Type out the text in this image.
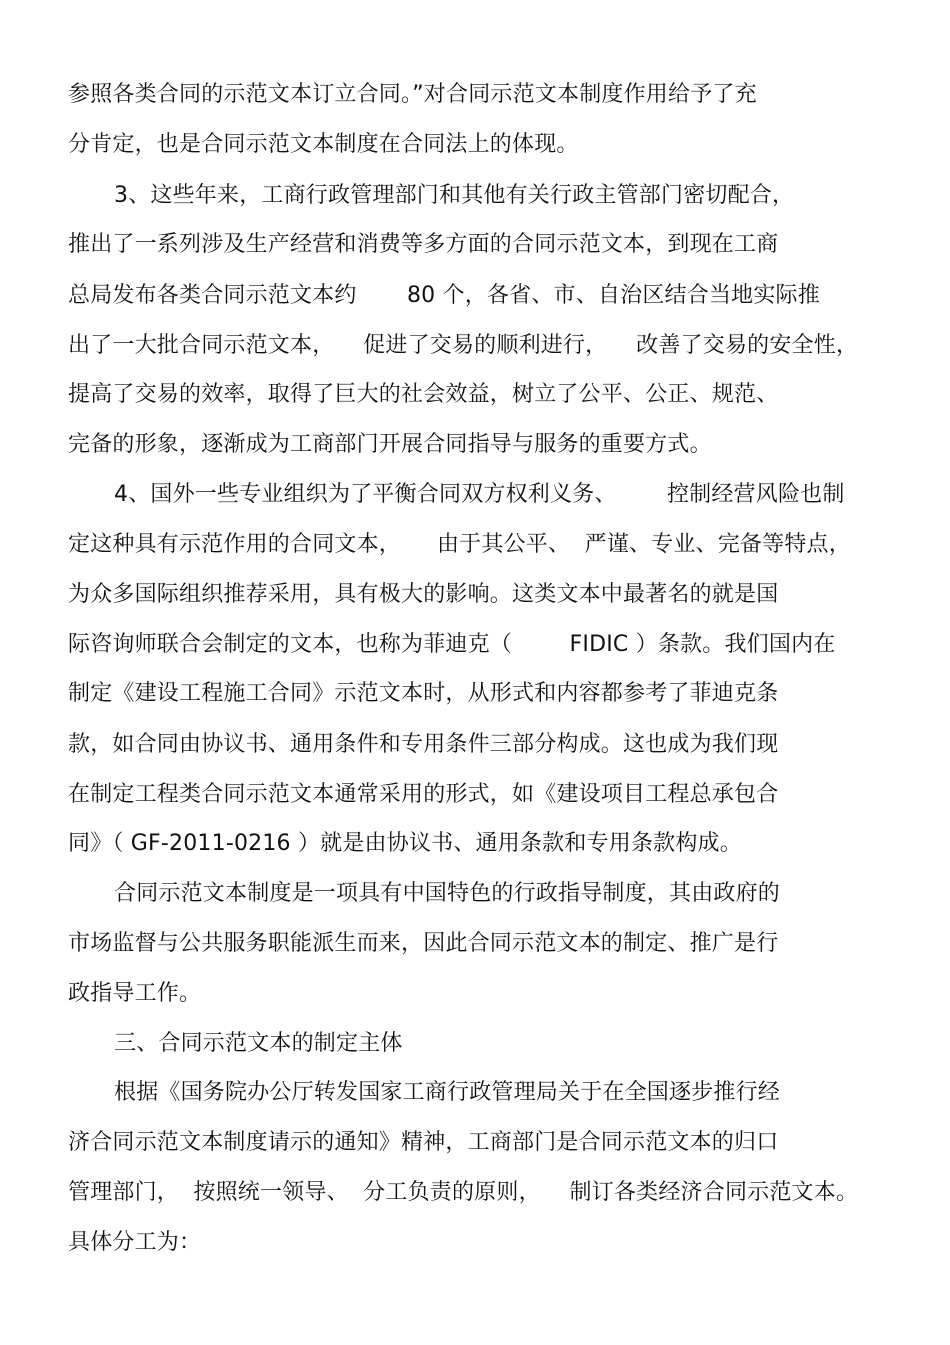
参照各类合同的示范文本订立合同。”对合同示范文本制度作用给予了充
分肯定，也是合同示范文本制度在合同法上的体现。
3、这些年来，工商行政管理部门和其他有关行政主管部门密切配合，
推出了一系列涉及生产经营和消费等多方面的合同示范文本，到现在工商
总局发布各类合同示范文本约       80 个，各省、市、自治区结合当地实际推
出了一大批合同示范文本，    促进了交易的顺利进行，    改善了交易的安全性，
提高了交易的效率，取得了巨大的社会效益，树立了公平、公正、规范、
完备的形象，逐渐成为工商部门开展合同指导与服务的重要方式。
4、国外一些专业组织为了平衡合同双方权利义务、       控制经营风险也制
定这种具有示范作用的合同文本，     由于其公平、  严谨、专业、完备等特点，
为众多国际组织推荐采用，具有极大的影响。这类文本中最著名的就是国
际咨询师联合会制定的文本，也称为菲迪克（        FIDIC ）条款。我们国内在
制定《建设工程施工合同》示范文本时，从形式和内容都参考了菲迪克条
款，如合同由协议书、通用条件和专用条件三部分构成。这也成为我们现
在制定工程类合同示范文本通常采用的形式，如《建设项目工程总承包合
同》（ GF-2011-0216 ）就是由协议书、通用条款和专用条款构成。
合同示范文本制度是一项具有中国特色的行政指导制度，其由政府的
市场监督与公共服务职能派生而来，因此合同示范文本的制定、推广是行
政指导工作。
三、合同示范文本的制定主体
根据《国务院办公厅转发国家工商行政管理局关于在全国逐步推行经
济合同示范文本制度请示的通知》精神，工商部门是合同示范文本的归口
管理部门，  按照统一领导、  分工负责的原则，    制订各类经济合同示范文本。
具体分工为：
